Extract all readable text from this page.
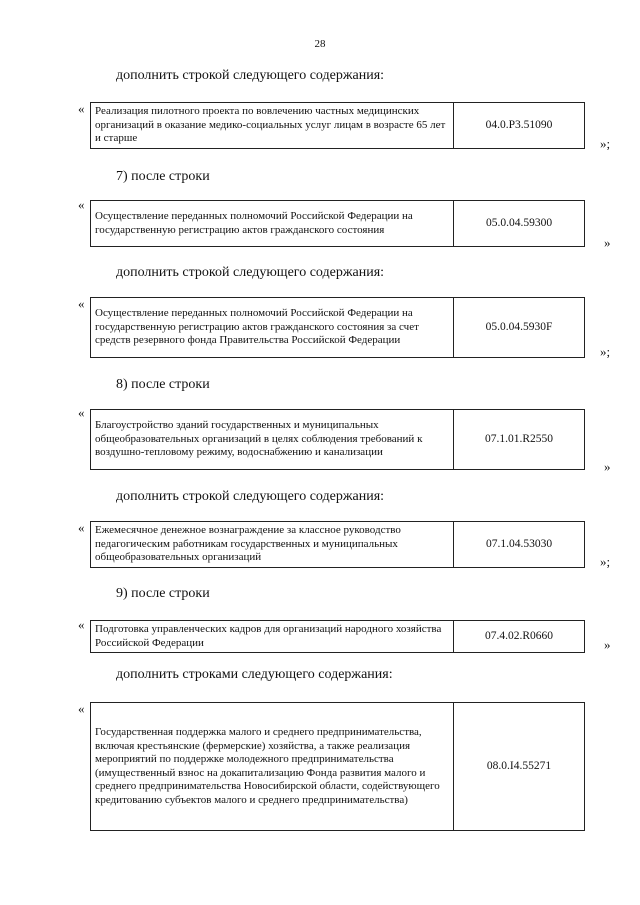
28
дополнить строкой следующего содержания:
« Реализация пилотного проекта по вовлечению частных медицинских организаций в оказание медико-социальных услуг лицам в возрасте 65 лет и старше	04.0.P3.51090
»;
7) после строки
«
Осуществление переданных полномочий Российской Федерации на государственную регистрацию актов гражданского состояния	05.0.04.59300
»
дополнить строкой следующего содержания:
«
Осуществление переданных полномочий Российской Федерации на государственную регистрацию актов гражданского состояния за счет средств резервного фонда Правительства Российской Федерации	05.0.04.5930F
»;
8) после строки
«
Благоустройство зданий государственных и муниципальных общеобразовательных организаций в целях соблюдения требований к воздушно-тепловому режиму, водоснабжению и канализации	07.1.01.R2550
»
дополнить строкой следующего содержания:
« Ежемесячное денежное вознаграждение за классное руководство педагогическим работникам государственных и муниципальных общеобразовательных организаций	07.1.04.53030
»;
9) после строки
« Подготовка управленческих кадров для организаций народного хозяйства Российской Федерации	07.4.02.R0660
»
дополнить строками следующего содержания:
«
Государственная поддержка малого и среднего предпринимательства, включая крестьянские (фермерские) хозяйства, а также реализация мероприятий по поддержке молодежного предпринимательства (имущественный взнос на докапитализацию Фонда развития малого и среднего предпринимательства Новосибирской области, содействующего кредитованию субъектов малого и среднего предпринимательства)	08.0.I4.55271
